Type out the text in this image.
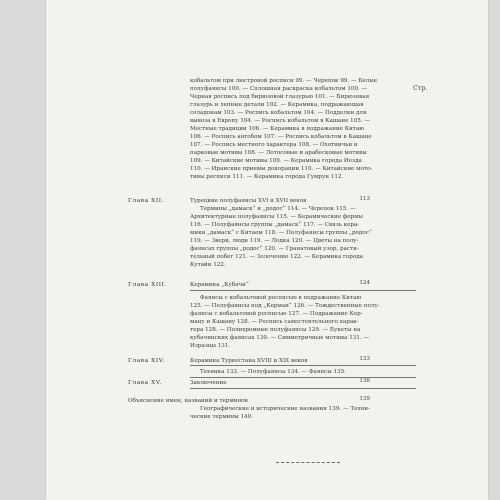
Стр.
кобальтом при люстровой росписи 99. — Черепок 99. — Белые
полуфаянсы 100. — Сплошная раскраска кобальтом 100. —
Черная роспись под бирюзовой глазурью 101. — Бирюзовая
глазурь и лепные детали 102. — Керамика, подражающая
селадонам 103. — Роспись кобальтом 104. — Подделки для
вывоза в Европу 104. — Роспись кобальтом в Кашане 105. —
Местные традиции 106. — Керамика в подражание Китаю
106. — Роспись ангобом 107. — Роспись кобальтом в Кашане
107. — Роспись местного характера 108. — Охотничьи и
парковые мотивы 108. — Лотосовые и арабесковые мотивы
109. — Китайские мотивы 109. — Керамика города Иезда
110. — Иранские приемы декорации 110. — Китайские мото-
тивы росписи 111. — Керамика города Гумрун 112.
Глава XII.	Турецкие полуфаянсы XVI и XVII веков	113
Термины „дамаск“ и „родос“ 114. — Черепок 115. —
Архитектурные полуфаянсы 115. — Керамические формы
116. — Полуфаянсы группы „дамаск“ 117. — Связь кера-
мики „дамаск“ с Китаем 118. — Полуфаянсы группы „родос“
119. — Звери, люди 119. — Лодка 120. — Цветы на полу-
фаянсах группы „родос“ 120. — Гранатовый узор, расти-
тельный побег 121. — Золочение 122. — Керамика города
Кутайи 122.
Глава XIII.	Керамика „Кубачи“	124
Фаянсы с кобальтовой росписью в подражание Китаю
125. — Полуфаянсы под „Керман“ 126. — Тождественные полу-
фаянсы с кобальтовой росписью 127. — Подражание Кер-
ману и Кашану 128. — Роспись самостоятельного харак-
тера 128. — Полихромные полуфаянсы 129. — Букеты на
кубачинских фаянсах 130. — Симметричные мотивы 131. —
Изразцы 131.
Глава XIV.	Керамика Туркестана XVIII и XIX веков	133
Техника 133. — Полуфаянсы 134. — Фаянсы 135.
Глава XV.	Заключение	136
Объяснение имен, названий и терминов	139
Географические и исторические названия 139. — Техни-
ческие термины 140.
